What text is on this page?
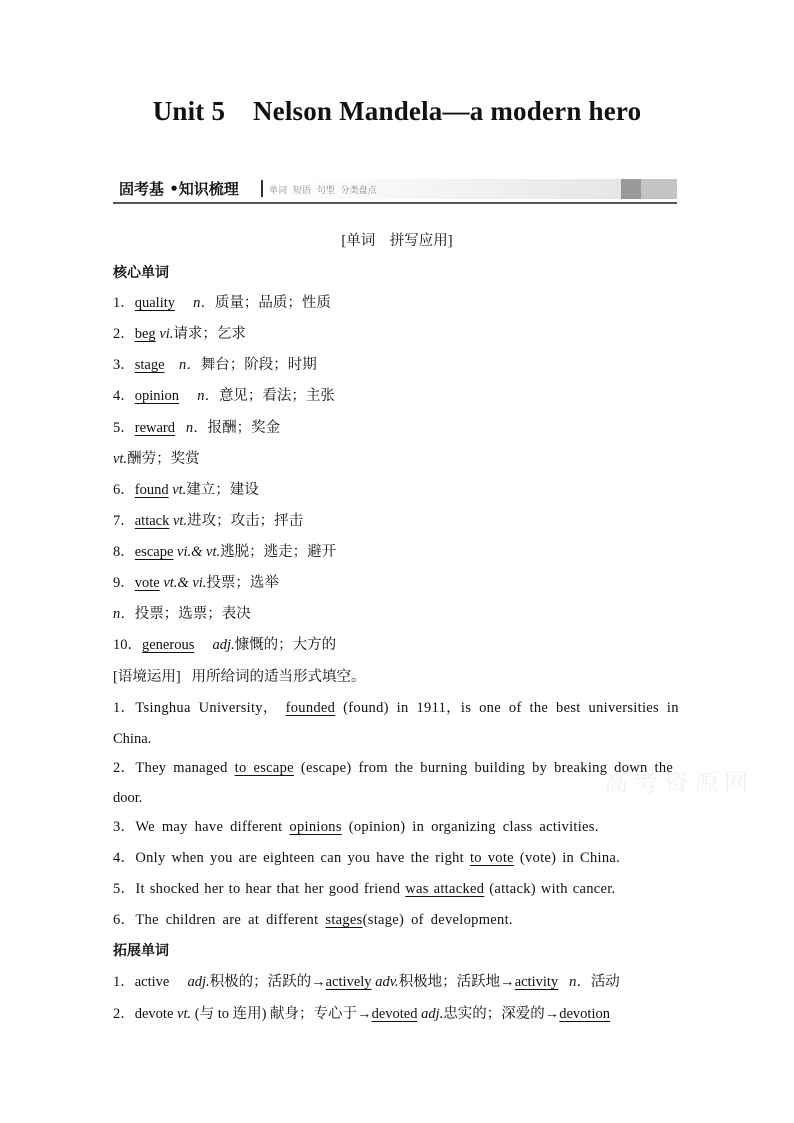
Unit 5    Nelson Mandela—a modern hero
固考基 •知识梳理	单词 短语 句型 分类盘点
[单词　拼写应用]
核心单词
1．quality n．质量；品质；性质
2．beg vi.请求；乞求
3．stage n．舞台；阶段；时期
4．opinion n．意见；看法；主张
5．reward n．报酬；奖金
vt.酬劳；奖赏
6．found vt.建立；建设
7．attack vt.进攻；攻击；抨击
8．escape vi.& vt.逃脱；逃走；避开
9．vote vt.& vi.投票；选举
n．投票；选票；表决
10．generous adj.慷慨的；大方的
[语境运用] 用所给词的适当形式填空。
1．Tsinghua University， founded (found) in 1911，is one of the best universities in
China.
2．They managed to escape (escape) from the burning building by breaking down the
door.
3．We may have different opinions (opinion) in organizing class activities.
4．Only when you are eighteen can you have the right to vote (vote) in China.
5．It shocked her to hear that her good friend was attacked (attack) with cancer.
6．The children are at different stages(stage) of development.
拓展单词
1．active adj.积极的；活跃的→actively adv.积极地；活跃地→activity n．活动
2．devote vt. (与 to 连用) 献身；专心于→devoted adj.忠实的；深爱的→devotion
高考资源网
